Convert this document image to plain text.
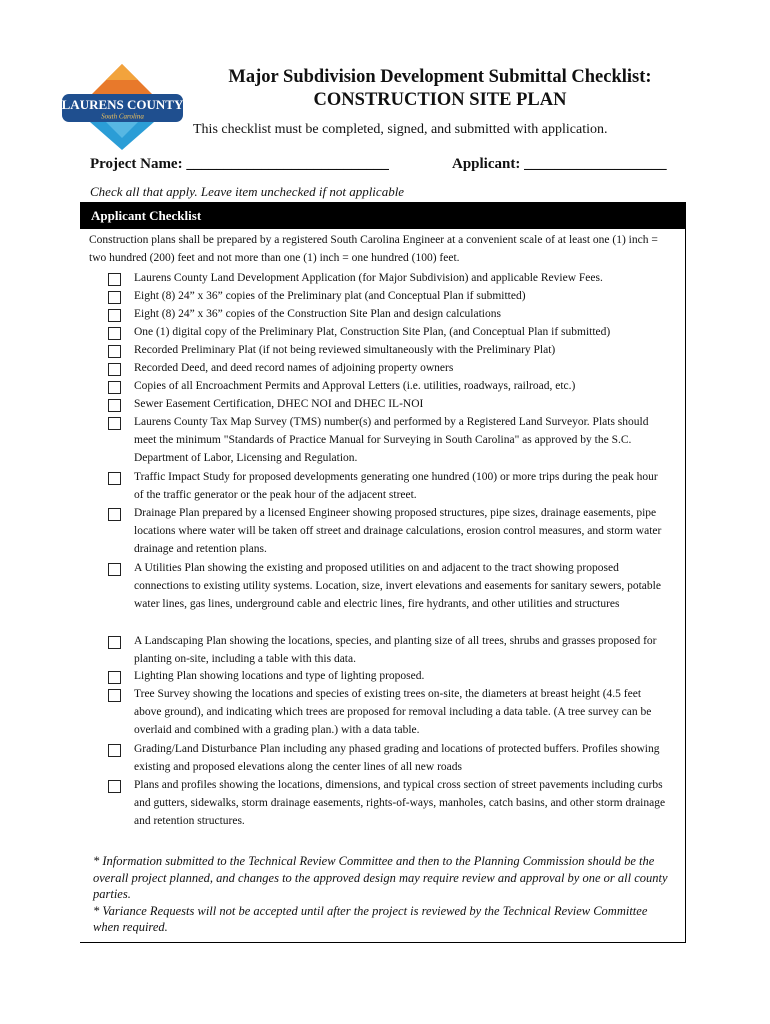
LAURENS COUNTY
South Carolina
Major Subdivision Development Submittal Checklist:
CONSTRUCTION SITE PLAN
This checklist must be completed, signed, and submitted with application.
Project Name: ___________________________	Applicant: ___________________
Check all that apply. Leave item unchecked if not applicable
Applicant Checklist
Construction plans shall be prepared by a registered South Carolina Engineer at a convenient scale of at least one (1) inch = two hundred (200) feet and not more than one (1) inch = one hundred (100) feet.
Laurens County Land Development Application (for Major Subdivision) and applicable Review Fees.
Eight (8) 24” x 36” copies of the Preliminary plat (and Conceptual Plan if submitted)
Eight (8) 24” x 36” copies of the Construction Site Plan and design calculations
One (1) digital copy of the Preliminary Plat, Construction Site Plan, (and Conceptual Plan if submitted)
Recorded Preliminary Plat (if not being reviewed simultaneously with the Preliminary Plat)
Recorded Deed, and deed record names of adjoining property owners
Copies of all Encroachment Permits and Approval Letters (i.e. utilities, roadways, railroad, etc.)
Sewer Easement Certification, DHEC NOI and DHEC IL-NOI
Laurens County Tax Map Survey (TMS) number(s) and performed by a Registered Land Surveyor. Plats should meet the minimum "Standards of Practice Manual for Surveying in South Carolina" as approved by the S.C. Department of Labor, Licensing and Regulation.
Traffic Impact Study for proposed developments generating one hundred (100) or more trips during the peak hour of the traffic generator or the peak hour of the adjacent street.
Drainage Plan prepared by a licensed Engineer showing proposed structures, pipe sizes, drainage easements, pipe locations where water will be taken off street and drainage calculations, erosion control measures, and storm water drainage and retention plans.
A Utilities Plan showing the existing and proposed utilities on and adjacent to the tract showing proposed connections to existing utility systems. Location, size, invert elevations and easements for sanitary sewers, potable water lines, gas lines, underground cable and electric lines, fire hydrants, and other utilities and structures
A Landscaping Plan showing the locations, species, and planting size of all trees, shrubs and grasses proposed for planting on-site, including a table with this data.
Lighting Plan showing locations and type of lighting proposed.
Tree Survey showing the locations and species of existing trees on-site, the diameters at breast height (4.5 feet above ground), and indicating which trees are proposed for removal including a data table. (A tree survey can be overlaid and combined with a grading plan.) with a data table.
Grading/Land Disturbance Plan including any phased grading and locations of protected buffers. Profiles showing existing and proposed elevations along the center lines of all new roads
Plans and profiles showing the locations, dimensions, and typical cross section of street pavements including curbs and gutters, sidewalks, storm drainage easements, rights-of-ways, manholes, catch basins, and other storm drainage and retention structures.

* Information submitted to the Technical Review Committee and then to the Planning Commission should be the overall project planned, and changes to the approved design may require review and approval by one or all county parties.

* Variance Requests will not be accepted until after the project is reviewed by the Technical Review Committee when required.
